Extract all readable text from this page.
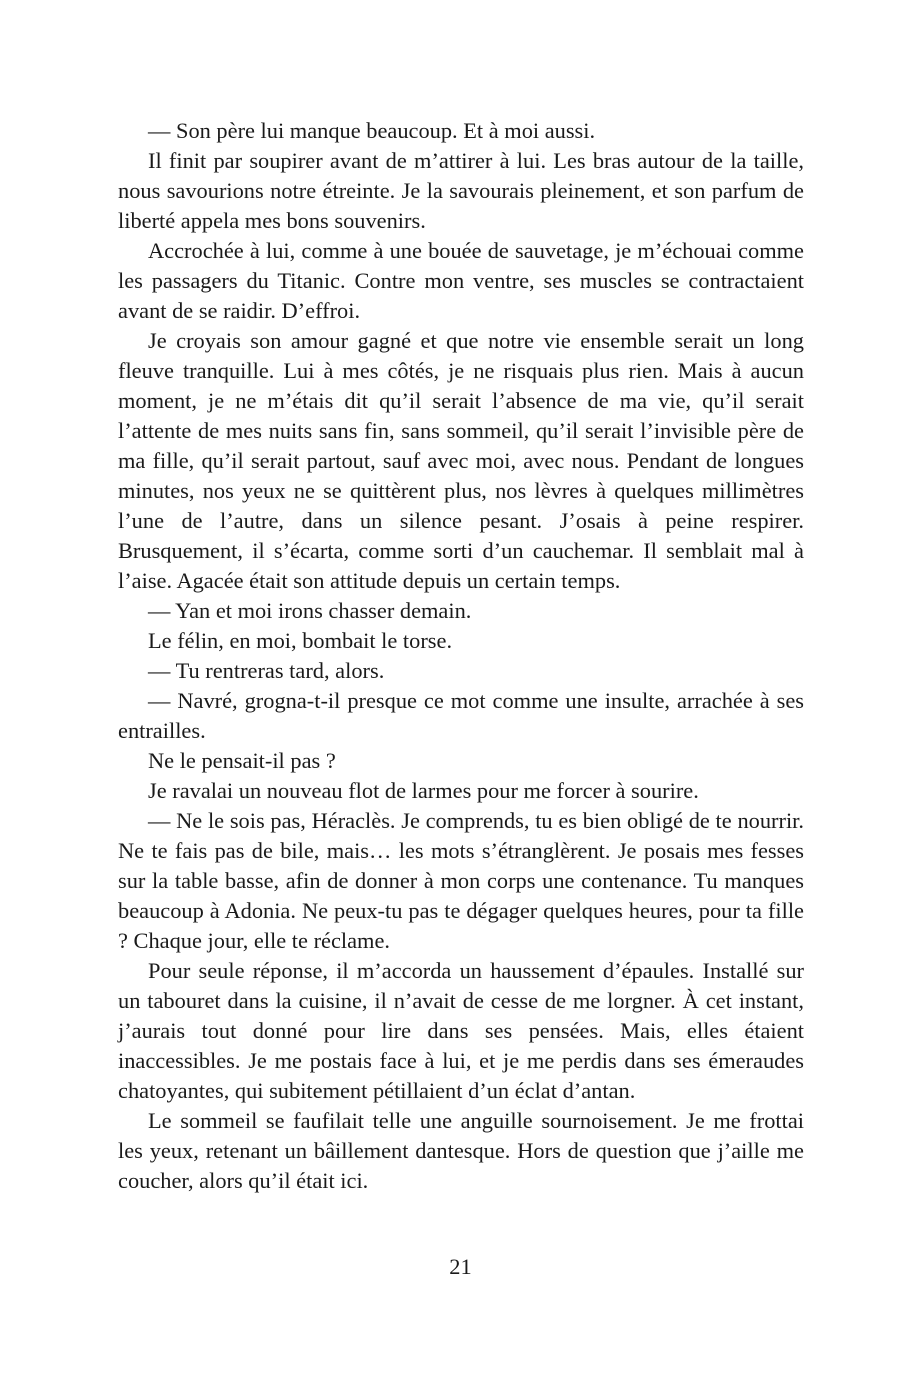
— Son père lui manque beaucoup. Et à moi aussi.

Il finit par soupirer avant de m’attirer à lui. Les bras autour de la taille, nous savourions notre étreinte. Je la savourais pleinement, et son parfum de liberté appela mes bons souvenirs.

Accrochée à lui, comme à une bouée de sauvetage, je m’échouai comme les passagers du Titanic. Contre mon ventre, ses muscles se contractaient avant de se raidir. D’effroi.

Je croyais son amour gagné et que notre vie ensemble serait un long fleuve tranquille. Lui à mes côtés, je ne risquais plus rien. Mais à aucun moment, je ne m’étais dit qu’il serait l’absence de ma vie, qu’il serait l’attente de mes nuits sans fin, sans sommeil, qu’il serait l’invisible père de ma fille, qu’il serait partout, sauf avec moi, avec nous. Pendant de longues minutes, nos yeux ne se quittèrent plus, nos lèvres à quelques millimètres l’une de l’autre, dans un silence pesant. J’osais à peine respirer. Brusquement, il s’écarta, comme sorti d’un cauchemar. Il semblait mal à l’aise. Agacée était son attitude depuis un certain temps.

— Yan et moi irons chasser demain.

Le félin, en moi, bombait le torse.

— Tu rentreras tard, alors.

— Navré, grogna-t-il presque ce mot comme une insulte, arrachée à ses entrailles.

Ne le pensait-il pas ?

Je ravalai un nouveau flot de larmes pour me forcer à sourire.

— Ne le sois pas, Héraclès. Je comprends, tu es bien obligé de te nourrir. Ne te fais pas de bile, mais… les mots s’étranglèrent. Je posais mes fesses sur la table basse, afin de donner à mon corps une contenance. Tu manques beaucoup à Adonia. Ne peux-tu pas te dégager quelques heures, pour ta fille ? Chaque jour, elle te réclame.

Pour seule réponse, il m’accorda un haussement d’épaules. Installé sur un tabouret dans la cuisine, il n’avait de cesse de me lorgner. À cet instant, j’aurais tout donné pour lire dans ses pensées. Mais, elles étaient inaccessibles. Je me postais face à lui, et je me perdis dans ses émeraudes chatoyantes, qui subitement pétillaient d’un éclat d’antan.

Le sommeil se faufilait telle une anguille sournoisement. Je me frottai les yeux, retenant un bâillement dantesque. Hors de question que j’aille me coucher, alors qu’il était ici.

21
